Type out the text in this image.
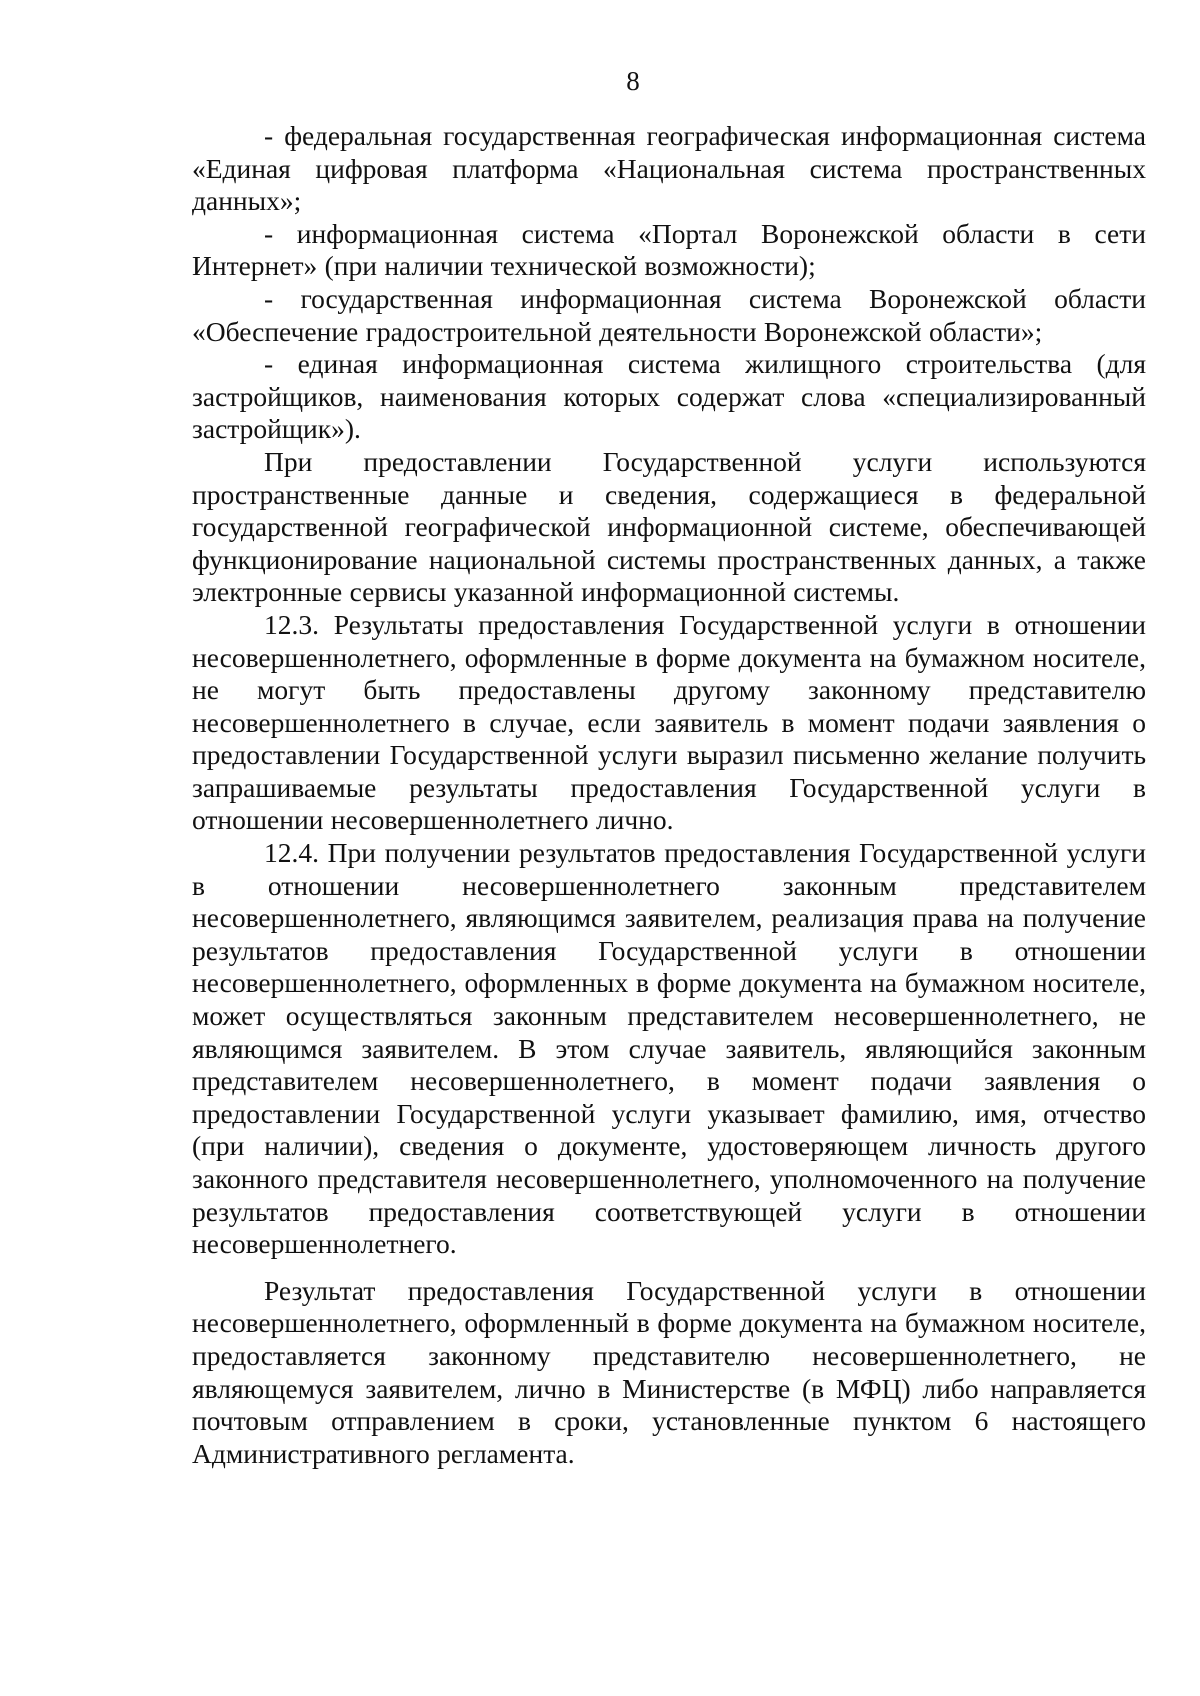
8

- федеральная государственная географическая информационная система «Единая цифровая платформа «Национальная система пространственных данных»;

- информационная система «Портал Воронежской области в сети Интернет» (при наличии технической возможности);

- государственная информационная система Воронежской области «Обеспечение градостроительной деятельности Воронежской области»;

- единая информационная система жилищного строительства (для застройщиков, наименования которых содержат слова «специализированный застройщик»).

При предоставлении Государственной услуги используются пространственные данные и сведения, содержащиеся в федеральной государственной географической информационной системе, обеспечивающей функционирование национальной системы пространственных данных, а также электронные сервисы указанной информационной системы.

12.3. Результаты предоставления Государственной услуги в отношении несовершеннолетнего, оформленные в форме документа на бумажном носителе, не могут быть предоставлены другому законному представителю несовершеннолетнего в случае, если заявитель в момент подачи заявления о предоставлении Государственной услуги выразил письменно желание получить запрашиваемые результаты предоставления Государственной услуги в отношении несовершеннолетнего лично.

12.4. При получении результатов предоставления Государственной услуги в отношении несовершеннолетнего законным представителем несовершеннолетнего, являющимся заявителем, реализация права на получение результатов предоставления Государственной услуги в отношении несовершеннолетнего, оформленных в форме документа на бумажном носителе, может осуществляться законным представителем несовершеннолетнего, не являющимся заявителем. В этом случае заявитель, являющийся законным представителем несовершеннолетнего, в момент подачи заявления о предоставлении Государственной услуги указывает фамилию, имя, отчество (при наличии), сведения о документе, удостоверяющем личность другого законного представителя несовершеннолетнего, уполномоченного на получение результатов предоставления соответствующей услуги в отношении несовершеннолетнего.

Результат предоставления Государственной услуги в отношении несовершеннолетнего, оформленный в форме документа на бумажном носителе, предоставляется законному представителю несовершеннолетнего, не являющемуся заявителем, лично в Министерстве (в МФЦ) либо направляется почтовым отправлением в сроки, установленные пунктом 6 настоящего Административного регламента.
